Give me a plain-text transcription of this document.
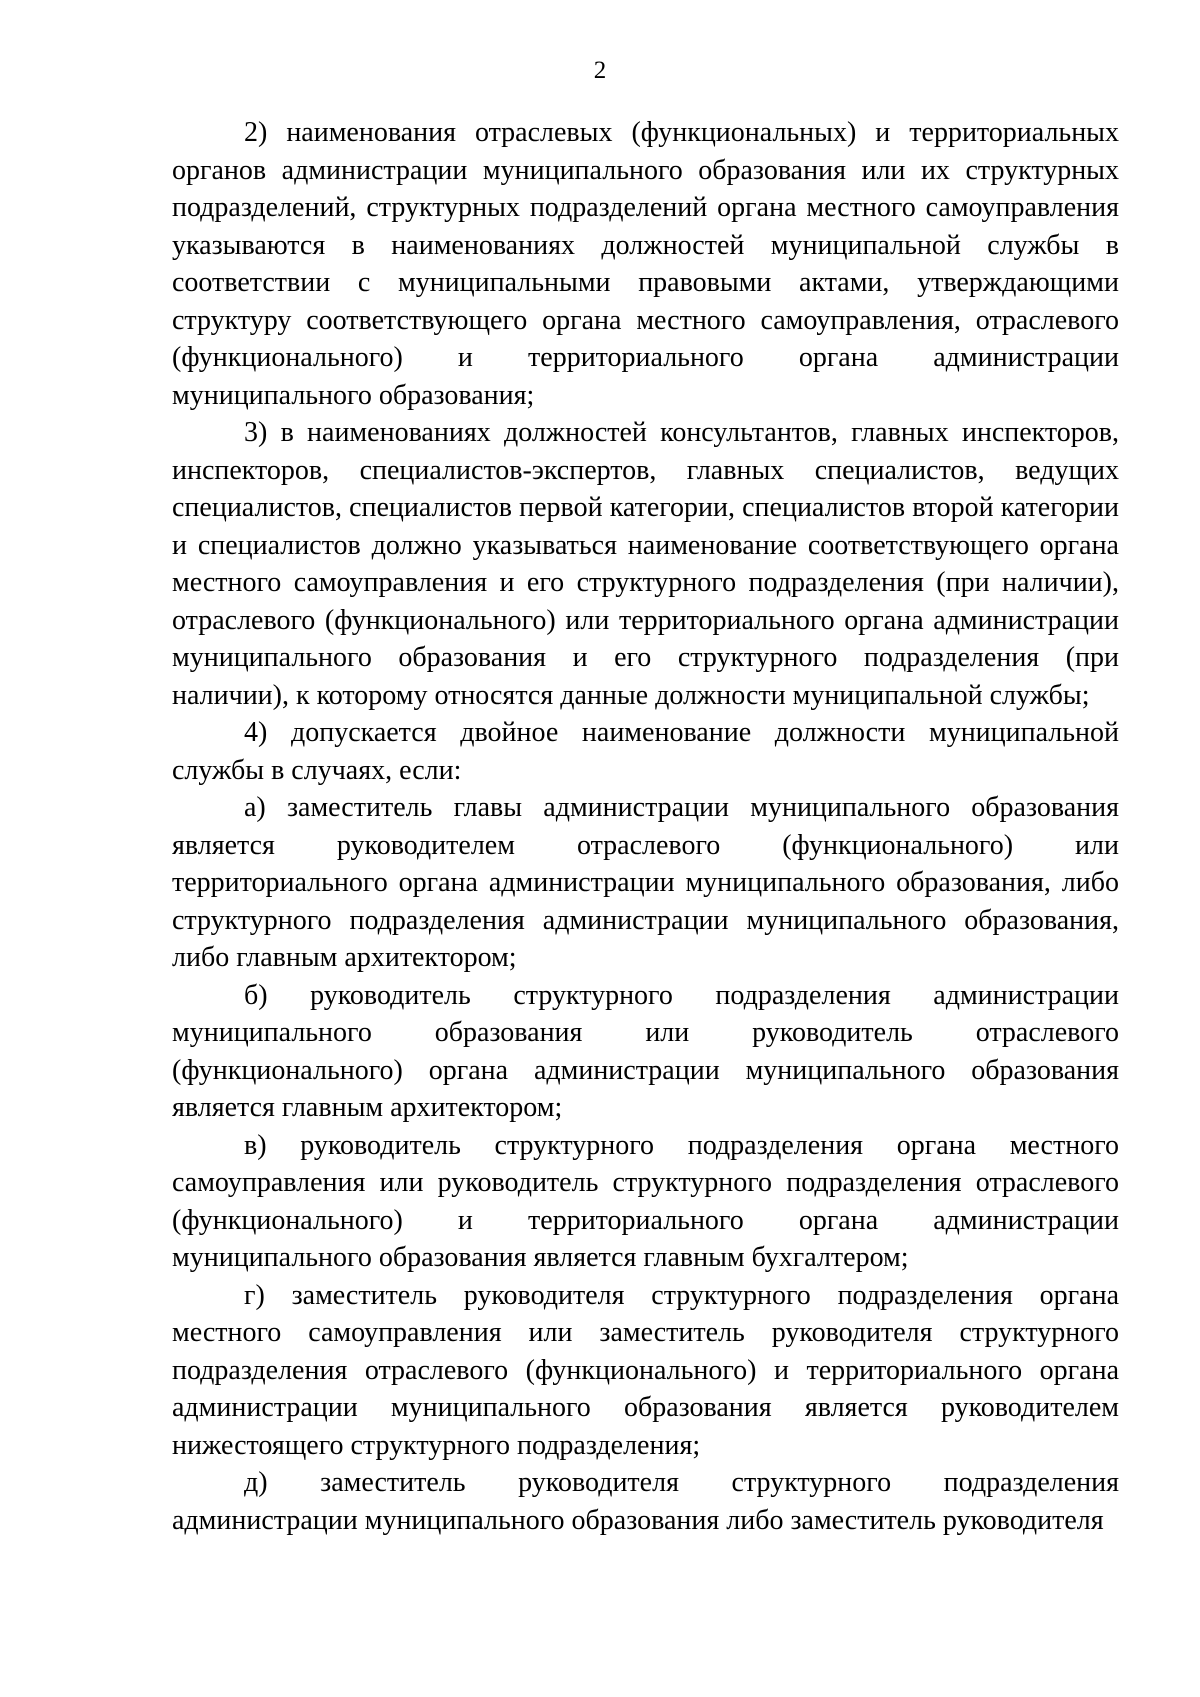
2

2) наименования отраслевых (функциональных) и территориальных органов администрации муниципального образования или их структурных подразделений, структурных подразделений органа местного самоуправления указываются в наименованиях должностей муниципальной службы в соответствии с муниципальными правовыми актами, утверждающими структуру соответствующего органа местного самоуправления, отраслевого (функционального) и территориального органа администрации муниципального образования;

3) в наименованиях должностей консультантов, главных инспекторов, инспекторов, специалистов-экспертов, главных специалистов, ведущих специалистов, специалистов первой категории, специалистов второй категории и специалистов должно указываться наименование соответствующего органа местного самоуправления и его структурного подразделения (при наличии), отраслевого (функционального) или территориального органа администрации муниципального образования и его структурного подразделения (при наличии), к которому относятся данные должности муниципальной службы;

4) допускается двойное наименование должности муниципальной службы в случаях, если:

а) заместитель главы администрации муниципального образования является руководителем отраслевого (функционального) или территориального органа администрации муниципального образования, либо структурного подразделения администрации муниципального образования, либо главным архитектором;

б) руководитель структурного подразделения администрации муниципального образования или руководитель отраслевого (функционального) органа администрации муниципального образования является главным архитектором;

в) руководитель структурного подразделения органа местного самоуправления или руководитель структурного подразделения отраслевого (функционального) и территориального органа администрации муниципального образования является главным бухгалтером;

г) заместитель руководителя структурного подразделения органа местного самоуправления или заместитель руководителя структурного подразделения отраслевого (функционального) и территориального органа администрации муниципального образования является руководителем нижестоящего структурного подразделения;

д) заместитель руководителя структурного подразделения администрации муниципального образования либо заместитель руководителя
